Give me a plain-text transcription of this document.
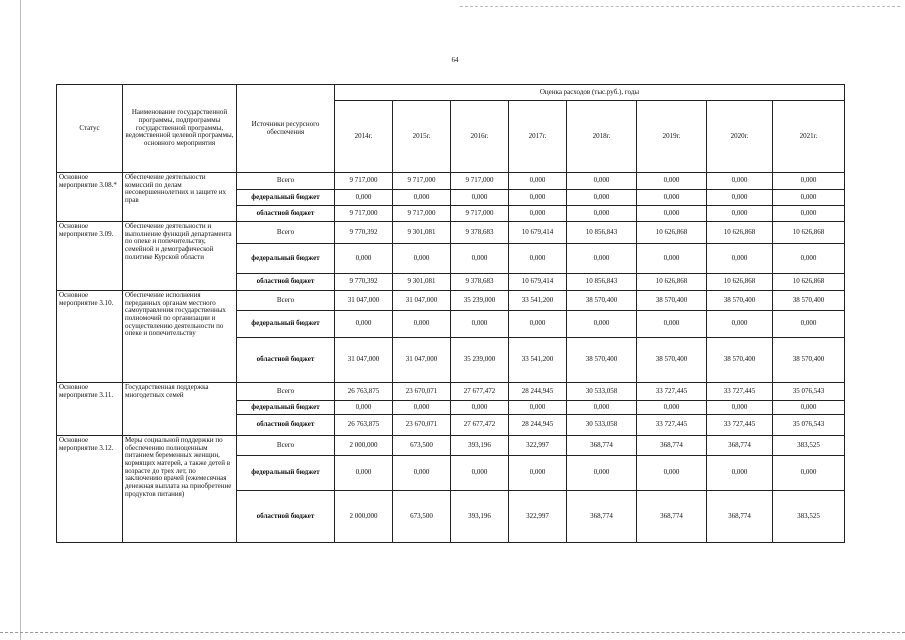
64
Статус	Наименование государственной программы, подпрограммы государственной программы, ведомственной целевой программы, основного мероприятия	Источники ресурсного обеспечения	Оценка расходов (тыс.руб.), годы							
			2014г.	2015г.	2016г.	2017г.	2018г.	2019г.	2020г.	2021г.
Основное мероприятие 3.08.*	Обеспечение деятельности комиссий по делам несовершеннолетних и защите их прав	Всего	9 717,000	9 717,000	9 717,000	0,000	0,000	0,000	0,000	0,000
		федеральный бюджет	0,000	0,000	0,000	0,000	0,000	0,000	0,000	0,000
		областной бюджет	9 717,000	9 717,000	9 717,000	0,000	0,000	0,000	0,000	0,000
Основное мероприятие 3.09.	Обеспечение деятельности и выполнение функций департамента по опеке и попечительству, семейной и демографической политике Курской области	Всего	9 770,392	9 301,081	9 378,683	10 679,414	10 856,843	10 626,868	10 626,868	10 626,868
		федеральный бюджет	0,000	0,000	0,000	0,000	0,000	0,000	0,000	0,000
		областной бюджет	9 770,392	9 301,081	9 378,683	10 679,414	10 856,843	10 626,868	10 626,868	10 626,868
Основное мероприятие 3.10.	Обеспечение исполнения переданных органам местного самоуправления государственных полномочий по организации и осуществлению деятельности по опеке и попечительству	Всего	31 047,000	31 047,000	35 239,000	33 541,200	38 570,400	38 570,400	38 570,400	38 570,400
		федеральный бюджет	0,000	0,000	0,000	0,000	0,000	0,000	0,000	0,000
		областной бюджет	31 047,000	31 047,000	35 239,000	33 541,200	38 570,400	38 570,400	38 570,400	38 570,400
Основное мероприятие 3.11.	Государственная поддержка многодетных семей	Всего	26 763,875	23 670,071	27 677,472	28 244,945	30 533,058	33 727,445	33 727,445	35 076,543
		федеральный бюджет	0,000	0,000	0,000	0,000	0,000	0,000	0,000	0,000
		областной бюджет	26 763,875	23 670,071	27 677,472	28 244,945	30 533,058	33 727,445	33 727,445	35 076,543
Основное мероприятие 3.12.	Меры социальной поддержки по обеспечению полноценным питанием беременных женщин, кормящих матерей, а также детей в возрасте до трех лет, по заключению врачей (ежемесячная денежная выплата на приобретение продуктов питания)	Всего	2 000,000	673,500	393,196	322,997	368,774	368,774	368,774	383,525
		федеральный бюджет	0,000	0,000	0,000	0,000	0,000	0,000	0,000	0,000
		областной бюджет	2 000,000	673,500	393,196	322,997	368,774	368,774	368,774	383,525
